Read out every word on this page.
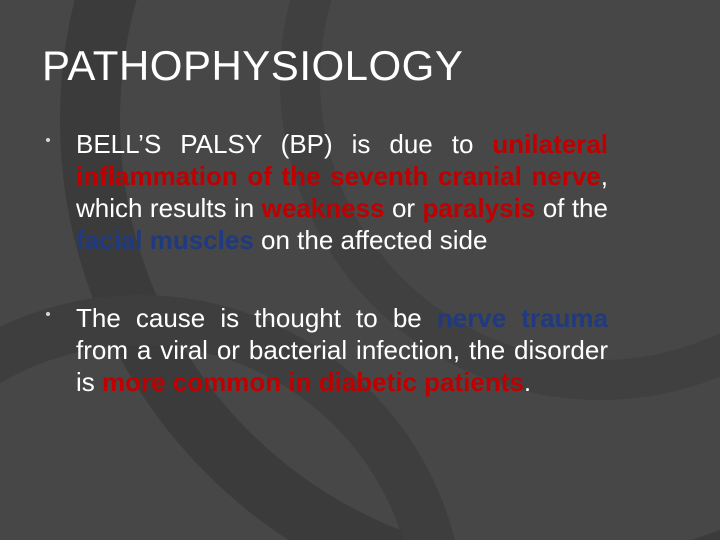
PATHOPHYSIOLOGY

BELL’S PALSY (BP) is due to unilateral inflammation of the seventh cranial nerve, which results in weakness or paralysis of the facial muscles on the affected side

The cause is thought to be nerve trauma from a viral or bacterial infection, the disorder is more common in diabetic patients.
